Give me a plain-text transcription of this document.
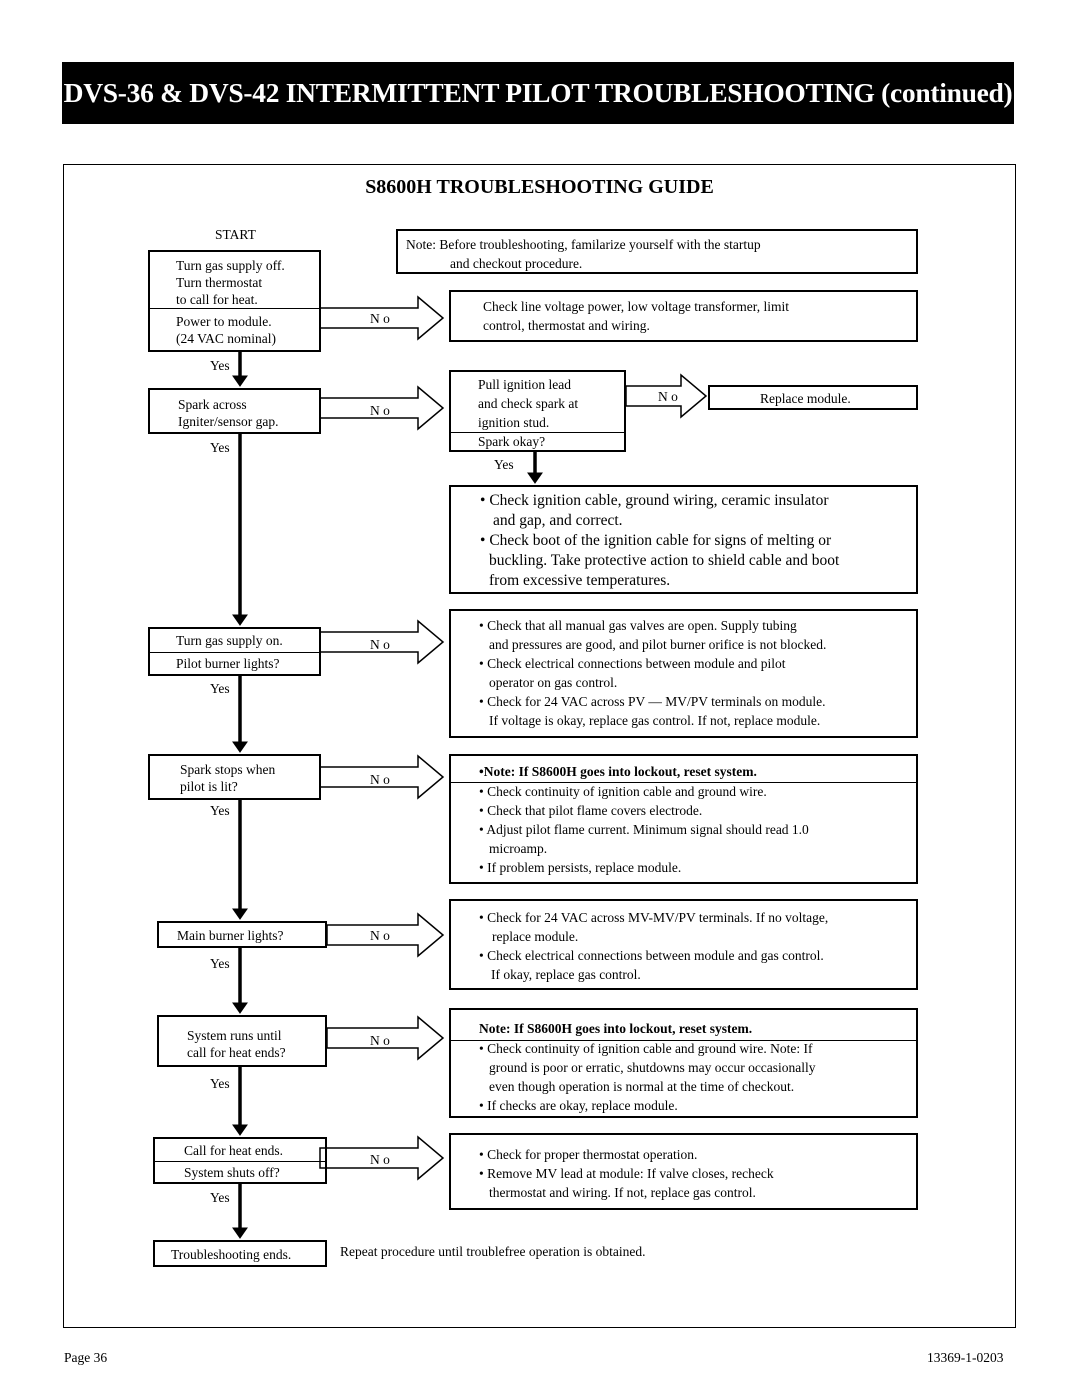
DVS-36 & DVS-42 INTERMITTENT PILOT TROUBLESHOOTING (continued)
S8600H TROUBLESHOOTING GUIDE
START
Turn gas supply off.
Turn thermostat
to call for heat.
Power to module.
(24 VAC nominal)
N o
Yes
Spark across
Igniter/sensor gap.
N o
Yes
Turn gas supply on.
Pilot burner lights?
N o
Yes
Spark stops when
pilot is lit?	N o
Yes
Main burner lights?	N o
Yes
System runs until
call for heat ends?
N o
Yes
Call for heat ends.
System shuts off?
N o
Yes
Troubleshooting ends.	Repeat procedure until troublefree operation is obtained.
Note: Before troubleshooting, familarize yourself with the startup
and checkout procedure.
Check line voltage power, low voltage transformer, limit
control, thermostat and wiring.
Pull ignition lead
and check spark at
ignition stud.
Spark okay?
N o
Yes
Replace module.
• Check ignition cable, ground wiring, ceramic insulator
and gap, and correct.
• Check boot of the ignition cable for signs of melting or
buckling. Take protective action to shield cable and boot
from excessive temperatures.
• Check that all manual gas valves are open. Supply tubing
and pressures are good, and pilot burner orifice is not blocked.
• Check electrical connections between module and pilot
operator on gas control.
• Check for 24 VAC across PV — MV/PV terminals on module.
If voltage is okay, replace gas control. If not, replace module.
•Note: If S8600H goes into lockout, reset system.
• Check continuity of ignition cable and ground wire.
• Check that pilot flame covers electrode.
• Adjust pilot flame current. Minimum signal should read 1.0
microamp.
• If problem persists, replace module.
• Check for 24 VAC across MV-MV/PV terminals. If no voltage,
replace module.
• Check electrical connections between module and gas control.
If okay, replace gas control.
Note: If S8600H goes into lockout, reset system.
• Check continuity of ignition cable and ground wire. Note: If
ground is poor or erratic, shutdowns may occur occasionally
even though operation is normal at the time of checkout.
• If checks are okay, replace module.
• Check for proper thermostat operation.
• Remove MV lead at module: If valve closes, recheck
thermostat and wiring. If not, replace gas control.
Page 36	13369-1-0203
